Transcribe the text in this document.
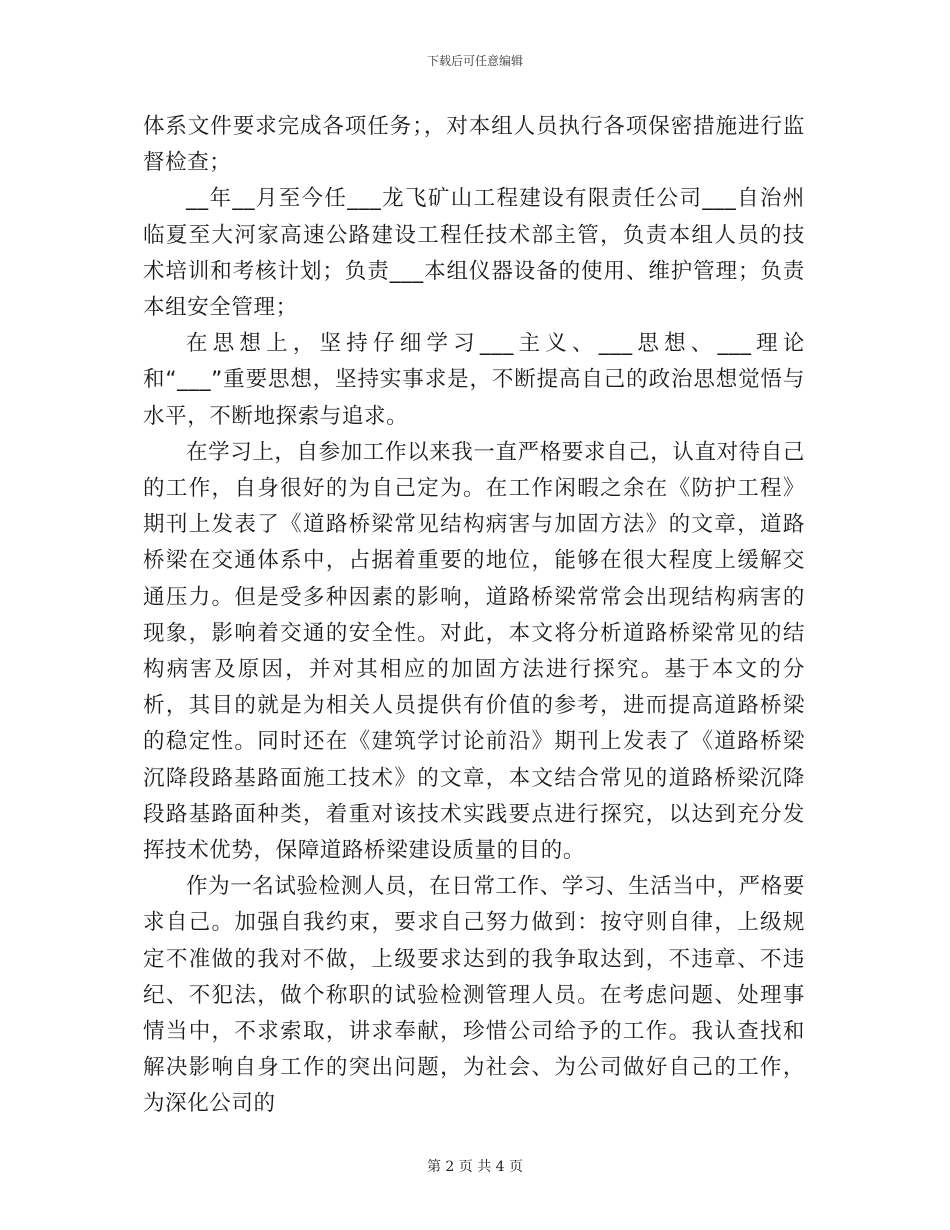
下载后可任意编辑

体系文件要求完成各项任务；，对本组人员执行各项保密措施进行监督检查；

__年__月至今任___龙飞矿山工程建设有限责任公司___自治州临夏至大河家高速公路建设工程任技术部主管，负责本组人员的技术培训和考核计划；负责___本组仪器设备的使用、维护管理；负责本组安全管理；

在思想上，坚持仔细学习___主义、___思想、___理论和“___”重要思想，坚持实事求是，不断提高自己的政治思想觉悟与水平，不断地探索与追求。

在学习上，自参加工作以来我一直严格要求自己，认直对待自己的工作，自身很好的为自己定为。在工作闲暇之余在《防护工程》期刊上发表了《道路桥梁常见结构病害与加固方法》的文章，道路桥梁在交通体系中，占据着重要的地位，能够在很大程度上缓解交通压力。但是受多种因素的影响，道路桥梁常常会出现结构病害的现象，影响着交通的安全性。对此，本文将分析道路桥梁常见的结构病害及原因，并对其相应的加固方法进行探究。基于本文的分析，其目的就是为相关人员提供有价值的参考，进而提高道路桥梁的稳定性。同时还在《建筑学讨论前沿》期刊上发表了《道路桥梁沉降段路基路面施工技术》的文章，本文结合常见的道路桥梁沉降段路基路面种类，着重对该技术实践要点进行探究，以达到充分发挥技术优势，保障道路桥梁建设质量的目的。

作为一名试验检测人员，在日常工作、学习、生活当中，严格要求自己。加强自我约束，要求自己努力做到：按守则自律，上级规定不准做的我对不做，上级要求达到的我争取达到，不违章、不违纪、不犯法，做个称职的试验检测管理人员。在考虑问题、处理事情当中，不求索取，讲求奉献，珍惜公司给予的工作。我认查找和解决影响自身工作的突出问题，为社会、为公司做好自己的工作，为深化公司的

第 2 页 共 4 页
